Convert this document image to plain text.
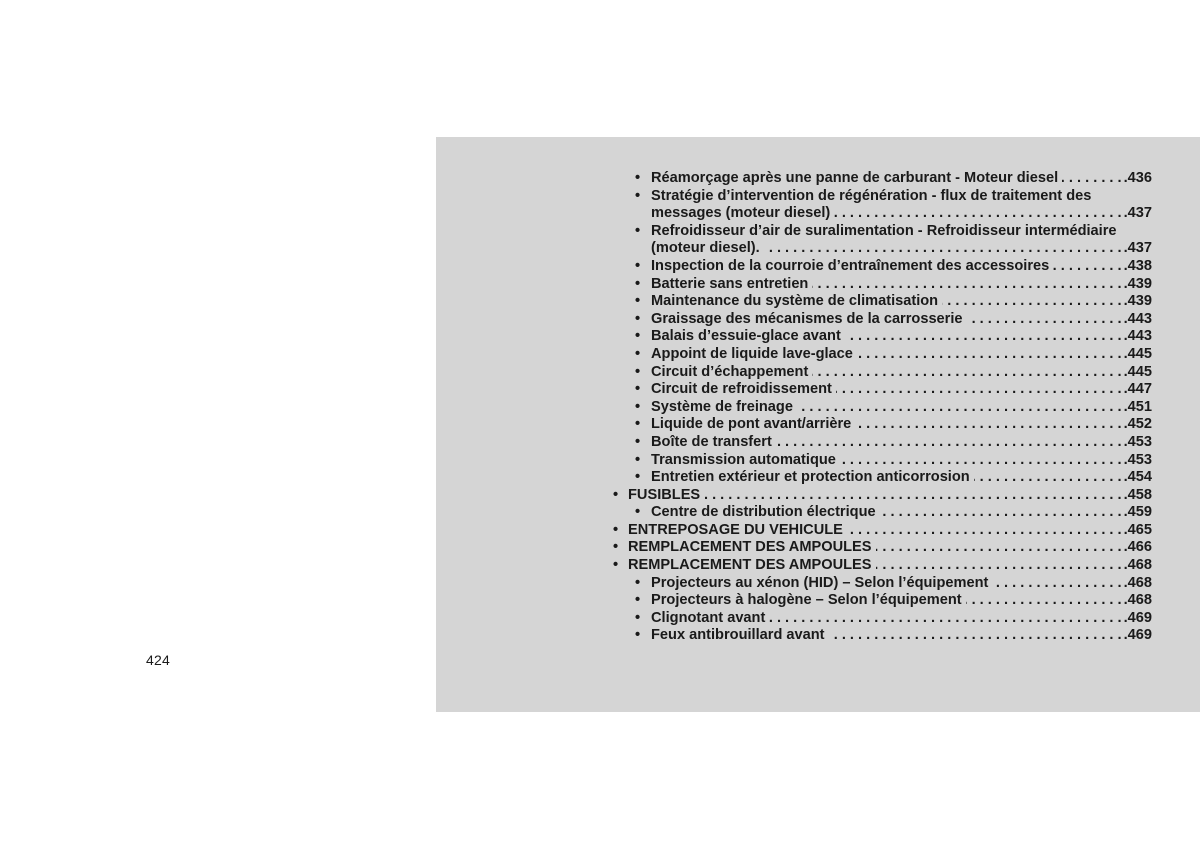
424
• Réamorçage après une panne de carburant - Moteur diesel . . .	.436
• Stratégie d’intervention de régénération - flux de traitement des
messages (moteur diesel) . . .	.437
• Refroidisseur d’air de suralimentation - Refroidisseur intermédiaire
(moteur diesel). . . .	.437
• Inspection de la courroie d’entraînement des accessoires . . .	.438
• Batterie sans entretien . . .	.439
• Maintenance du système de climatisation . . .	.439
• Graissage des mécanismes de la carrosserie . . .	.443
• Balais d’essuie-glace avant . . .	.443
• Appoint de liquide lave-glace . . .	.445
• Circuit d’échappement . . .	.445
• Circuit de refroidissement . . .	.447
• Système de freinage . . .	.451
• Liquide de pont avant/arrière . . .	.452
• Boîte de transfert . . .	.453
• Transmission automatique . . .	.453
• Entretien extérieur et protection anticorrosion . . .	.454
• FUSIBLES . . .	.458
• Centre de distribution électrique . . .	.459
• ENTREPOSAGE DU VEHICULE . . .	.465
• REMPLACEMENT DES AMPOULES . . .	.466
• REMPLACEMENT DES AMPOULES . . .	.468
• Projecteurs au xénon (HID) – Selon l’équipement . . .	.468
• Projecteurs à halogène – Selon l’équipement . . .	.468
• Clignotant avant . . .	.469
• Feux antibrouillard avant . . .	.469
